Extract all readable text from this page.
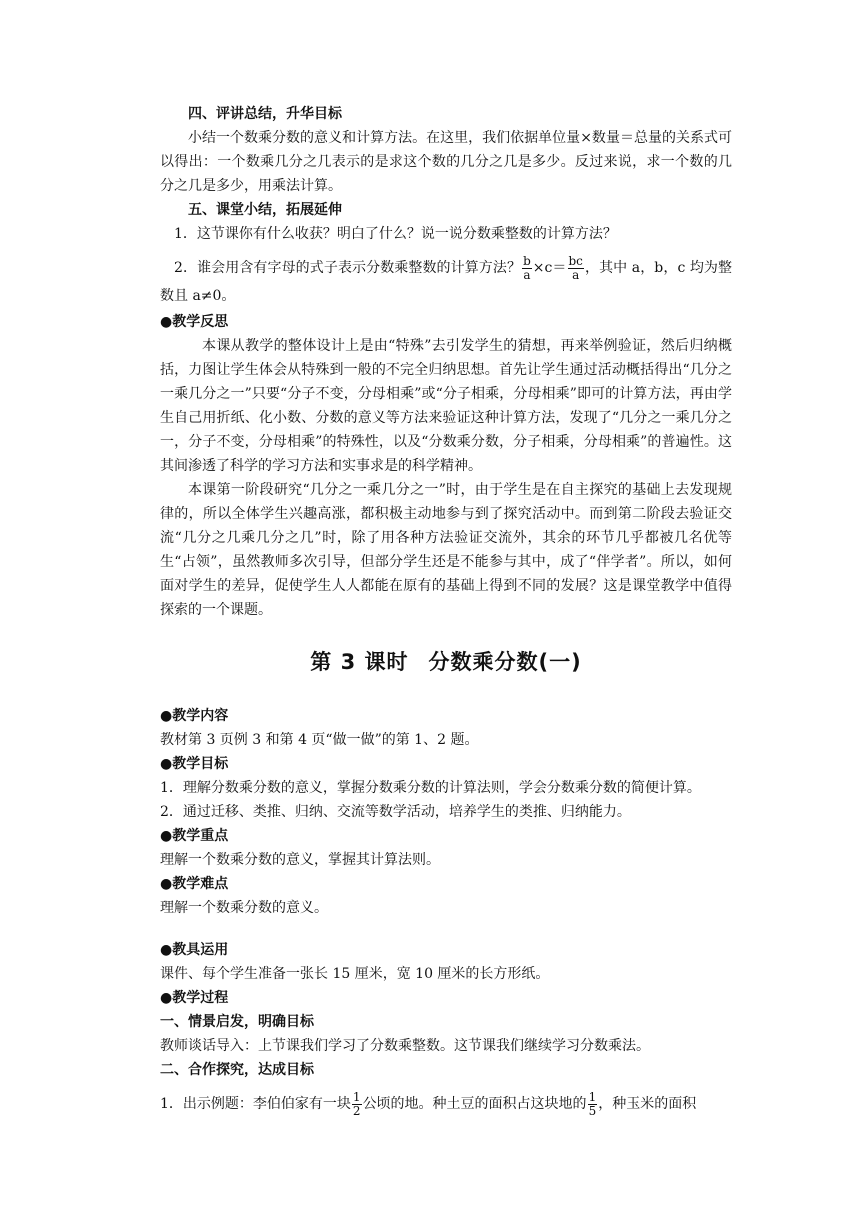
四、评讲总结，升华目标

小结一个数乘分数的意义和计算方法。在这里，我们依据单位量×数量＝总量的关系式可以得出：一个数乘几分之几表示的是求这个数的几分之几是多少。反过来说，求一个数的几分之几是多少，用乘法计算。

五、课堂小结，拓展延伸

1．这节课你有什么收获？明白了什么？说一说分数乘整数的计算方法？

2．谁会用含有字母的式子表示分数乘整数的计算方法？ $\frac{b}{a} \times c= \frac{bc}{a}$ ，其中 a，b，c 均为整数且 a≠0。

●教学反思

本课从教学的整体设计上是由“特殊”去引发学生的猜想，再来举例验证，然后归纳概括，力图让学生体会从特殊到一般的不完全归纳思想。首先让学生通过活动概括得出“几分之一乘几分之一”只要“分子不变，分母相乘”或“分子相乘，分母相乘”即可的计算方法，再由学生自己用折纸、化小数、分数的意义等方法来验证这种计算方法，发现了“几分之一乘几分之一，分子不变，分母相乘”的特殊性，以及“分数乘分数，分子相乘，分母相乘”的普遍性。这其间渗透了科学的学习方法和实事求是的科学精神。

本课第一阶段研究“几分之一乘几分之一”时，由于学生是在自主探究的基础上去发现规律的，所以全体学生兴趣高涨，都积极主动地参与到了探究活动中。而到第二阶段去验证交流“几分之几乘几分之几”时，除了用各种方法验证交流外，其余的环节几乎都被几名优等生“占领”，虽然教师多次引导，但部分学生还是不能参与其中，成了“伴学者”。所以，如何面对学生的差异，促使学生人人都能在原有的基础上得到不同的发展？这是课堂教学中值得探索的一个课题。

第 3 课时 分数乘分数(一)

●教学内容

教材第 3 页例 3 和第 4 页“做一做”的第 1、2 题。

●教学目标

1．理解分数乘分数的意义，掌握分数乘分数的计算法则，学会分数乘分数的简便计算。

2．通过迁移、类推、归纳、交流等数学活动，培养学生的类推、归纳能力。

●教学重点

理解一个数乘分数的意义，掌握其计算法则。

●教学难点

理解一个数乘分数的意义。

●教具运用

课件、每个学生准备一张长 15 厘米，宽 10 厘米的长方形纸。

●教学过程

一、情景启发，明确目标

教师谈话导入：上节课我们学习了分数乘整数。这节课我们继续学习分数乘法。

二、合作探究，达成目标

1．出示例题：李伯伯家有一块 $\frac{1}{2}$ 公顷的地。种土豆的面积占这块地的 $\frac{1}{5}$ ，种玉米的面积
